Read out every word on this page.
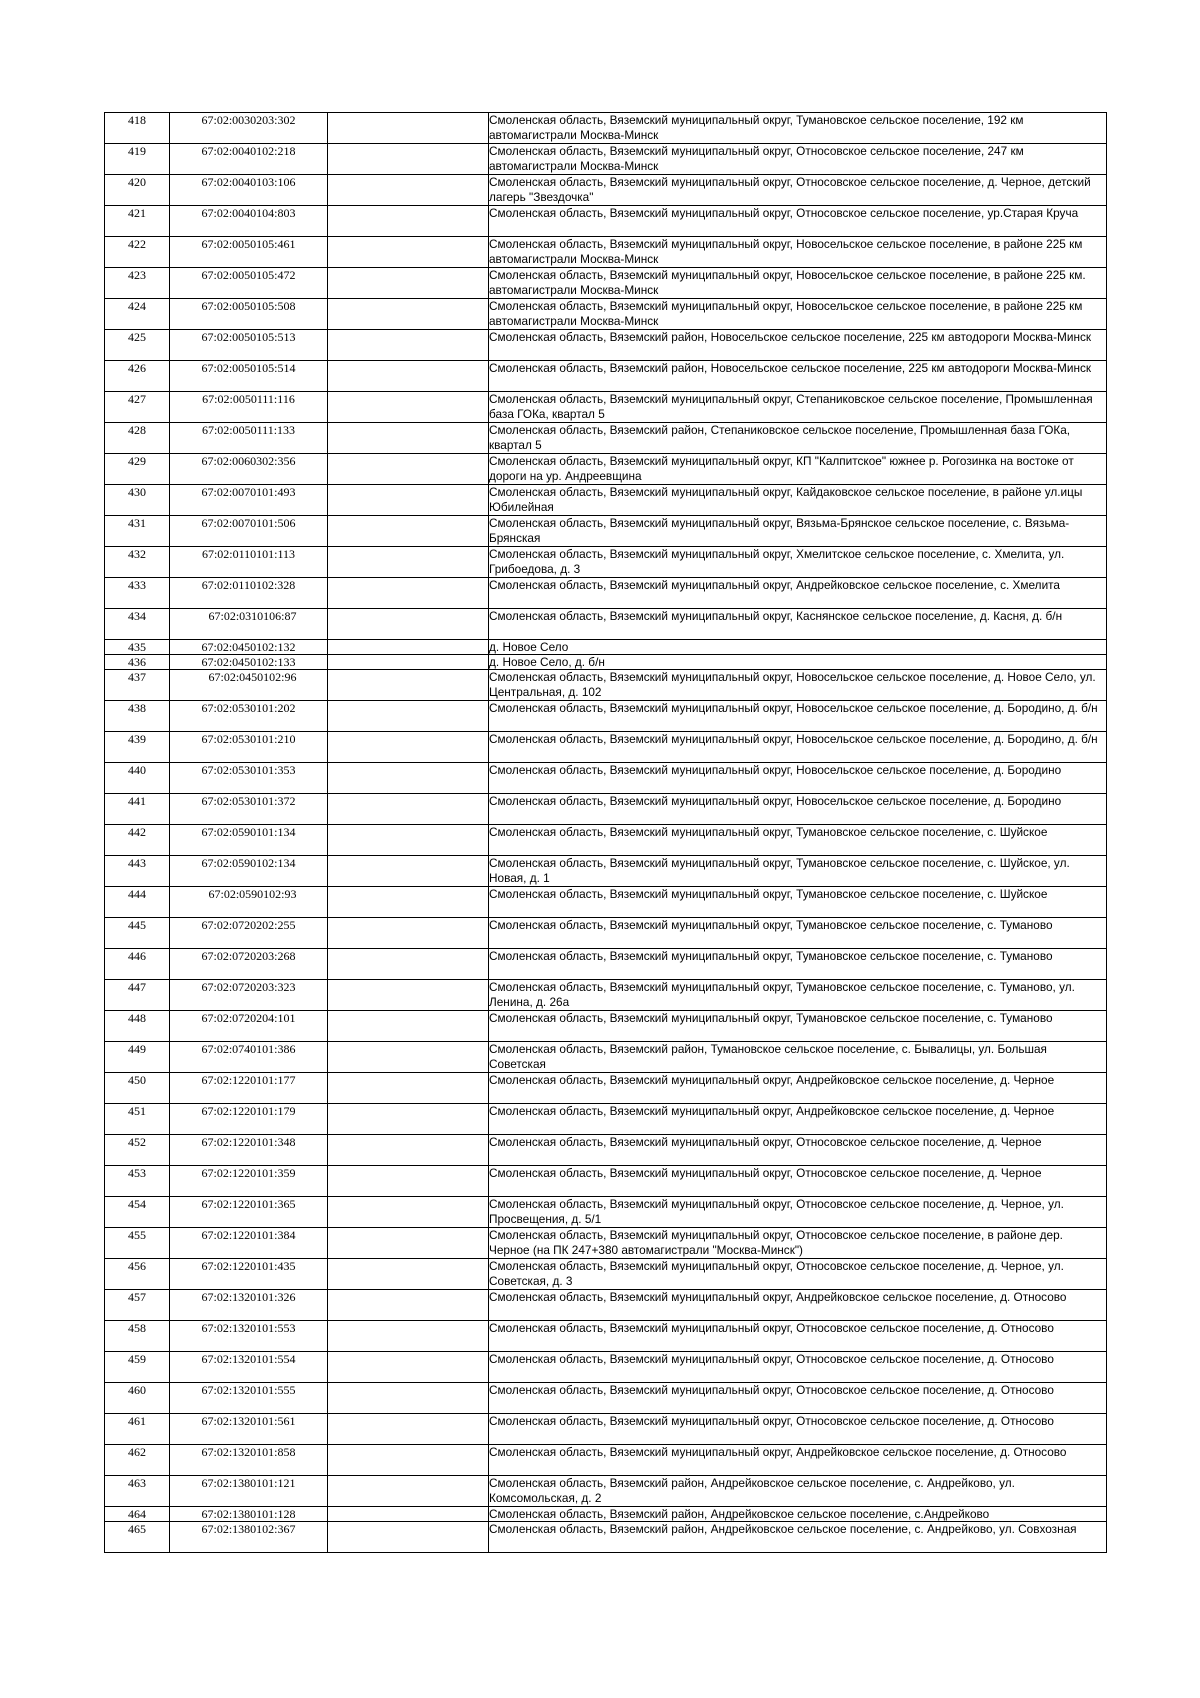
418	67:02:0030203:302		Смоленская область, Вяземский муниципальный округ, Тумановское сельское поселение, 192 км автомагистрали Москва-Минск
419	67:02:0040102:218		Смоленская область, Вяземский муниципальный округ, Относовское сельское поселение, 247 км автомагистрали Москва-Минск
420	67:02:0040103:106		Смоленская область, Вяземский муниципальный округ, Относовское сельское поселение, д. Черное, детский лагерь "Звездочка"
421	67:02:0040104:803		Смоленская область, Вяземский муниципальный округ, Относовское сельское поселение, ур.Старая Круча
422	67:02:0050105:461		Смоленская область, Вяземский муниципальный округ, Новосельское сельское поселение, в районе 225 км автомагистрали Москва-Минск
423	67:02:0050105:472		Смоленская область, Вяземский муниципальный округ, Новосельское сельское поселение, в районе 225 км. автомагистрали Москва-Минск
424	67:02:0050105:508		Смоленская область, Вяземский муниципальный округ, Новосельское сельское поселение, в районе 225 км автомагистрали Москва-Минск
425	67:02:0050105:513		Смоленская область, Вяземский район, Новосельское сельское поселение, 225 км автодороги Москва-Минск
426	67:02:0050105:514		Смоленская область, Вяземский район, Новосельское сельское поселение, 225 км автодороги Москва-Минск
427	67:02:0050111:116		Смоленская область, Вяземский муниципальный округ, Степаниковское сельское поселение, Промышленная база ГОКа, квартал 5
428	67:02:0050111:133		Смоленская область, Вяземский район, Степаниковское сельское поселение, Промышленная база ГОКа, квартал 5
429	67:02:0060302:356		Смоленская область, Вяземский муниципальный округ, КП "Калпитское" южнее р. Рогозинка на востоке от дороги на ур. Андреевщина
430	67:02:0070101:493		Смоленская область, Вяземский муниципальный округ, Кайдаковское сельское поселение, в районе ул.ицы Юбилейная
431	67:02:0070101:506		Смоленская область, Вяземский муниципальный округ, Вязьма-Брянское сельское поселение, с. Вязьма-Брянская
432	67:02:0110101:113		Смоленская область, Вяземский муниципальный округ, Хмелитское сельское поселение, с. Хмелита, ул. Грибоедова, д. 3
433	67:02:0110102:328		Смоленская область, Вяземский муниципальный округ, Андрейковское сельское поселение, с. Хмелита
434	67:02:0310106:87		Смоленская область, Вяземский муниципальный округ, Каснянское сельское поселение, д. Касня, д. б/н
435	67:02:0450102:132		д. Новое Село
436	67:02:0450102:133		д. Новое Село, д. б/н
437	67:02:0450102:96		Смоленская область, Вяземский муниципальный округ, Новосельское сельское поселение, д. Новое Село, ул. Центральная, д. 102
438	67:02:0530101:202		Смоленская область, Вяземский муниципальный округ, Новосельское сельское поселение, д. Бородино, д. б/н
439	67:02:0530101:210		Смоленская область, Вяземский муниципальный округ, Новосельское сельское поселение, д. Бородино, д. б/н
440	67:02:0530101:353		Смоленская область, Вяземский муниципальный округ, Новосельское сельское поселение, д. Бородино
441	67:02:0530101:372		Смоленская область, Вяземский муниципальный округ, Новосельское сельское поселение, д. Бородино
442	67:02:0590101:134		Смоленская область, Вяземский муниципальный округ, Тумановское сельское поселение, с. Шуйское
443	67:02:0590102:134		Смоленская область, Вяземский муниципальный округ, Тумановское сельское поселение, с. Шуйское, ул. Новая, д. 1
444	67:02:0590102:93		Смоленская область, Вяземский муниципальный округ, Тумановское сельское поселение, с. Шуйское
445	67:02:0720202:255		Смоленская область, Вяземский муниципальный округ, Тумановское сельское поселение, с. Туманово
446	67:02:0720203:268		Смоленская область, Вяземский муниципальный округ, Тумановское сельское поселение, с. Туманово
447	67:02:0720203:323		Смоленская область, Вяземский муниципальный округ, Тумановское сельское поселение, с. Туманово, ул. Ленина, д. 26а
448	67:02:0720204:101		Смоленская область, Вяземский муниципальный округ, Тумановское сельское поселение, с. Туманово
449	67:02:0740101:386		Смоленская область, Вяземский район, Тумановское сельское поселение, с. Бывалицы, ул. Большая Советская
450	67:02:1220101:177		Смоленская область, Вяземский муниципальный округ, Андрейковское сельское поселение, д. Черное
451	67:02:1220101:179		Смоленская область, Вяземский муниципальный округ, Андрейковское сельское поселение, д. Черное
452	67:02:1220101:348		Смоленская область, Вяземский муниципальный округ, Относовское сельское поселение, д. Черное
453	67:02:1220101:359		Смоленская область, Вяземский муниципальный округ, Относовское сельское поселение, д. Черное
454	67:02:1220101:365		Смоленская область, Вяземский муниципальный округ, Относовское сельское поселение, д. Черное, ул. Просвещения, д. 5/1
455	67:02:1220101:384		Смоленская область, Вяземский муниципальный округ, Относовское сельское поселение, в районе дер. Черное (на ПК 247+380 автомагистрали "Москва-Минск")
456	67:02:1220101:435		Смоленская область, Вяземский муниципальный округ, Относовское сельское поселение, д. Черное, ул. Советская, д. 3
457	67:02:1320101:326		Смоленская область, Вяземский муниципальный округ, Андрейковское сельское поселение, д. Относово
458	67:02:1320101:553		Смоленская область, Вяземский муниципальный округ, Относовское сельское поселение, д. Относово
459	67:02:1320101:554		Смоленская область, Вяземский муниципальный округ, Относовское сельское поселение, д. Относово
460	67:02:1320101:555		Смоленская область, Вяземский муниципальный округ, Относовское сельское поселение, д. Относово
461	67:02:1320101:561		Смоленская область, Вяземский муниципальный округ, Относовское сельское поселение, д. Относово
462	67:02:1320101:858		Смоленская область, Вяземский муниципальный округ, Андрейковское сельское поселение, д. Относово
463	67:02:1380101:121		Смоленская область, Вяземский район, Андрейковское сельское поселение, с. Андрейково, ул. Комсомольская, д. 2
464	67:02:1380101:128		Смоленская область, Вяземский район, Андрейковское сельское поселение, с.Андрейково
465	67:02:1380102:367		Смоленская область, Вяземский район, Андрейковское сельское поселение, с. Андрейково, ул. Совхозная
